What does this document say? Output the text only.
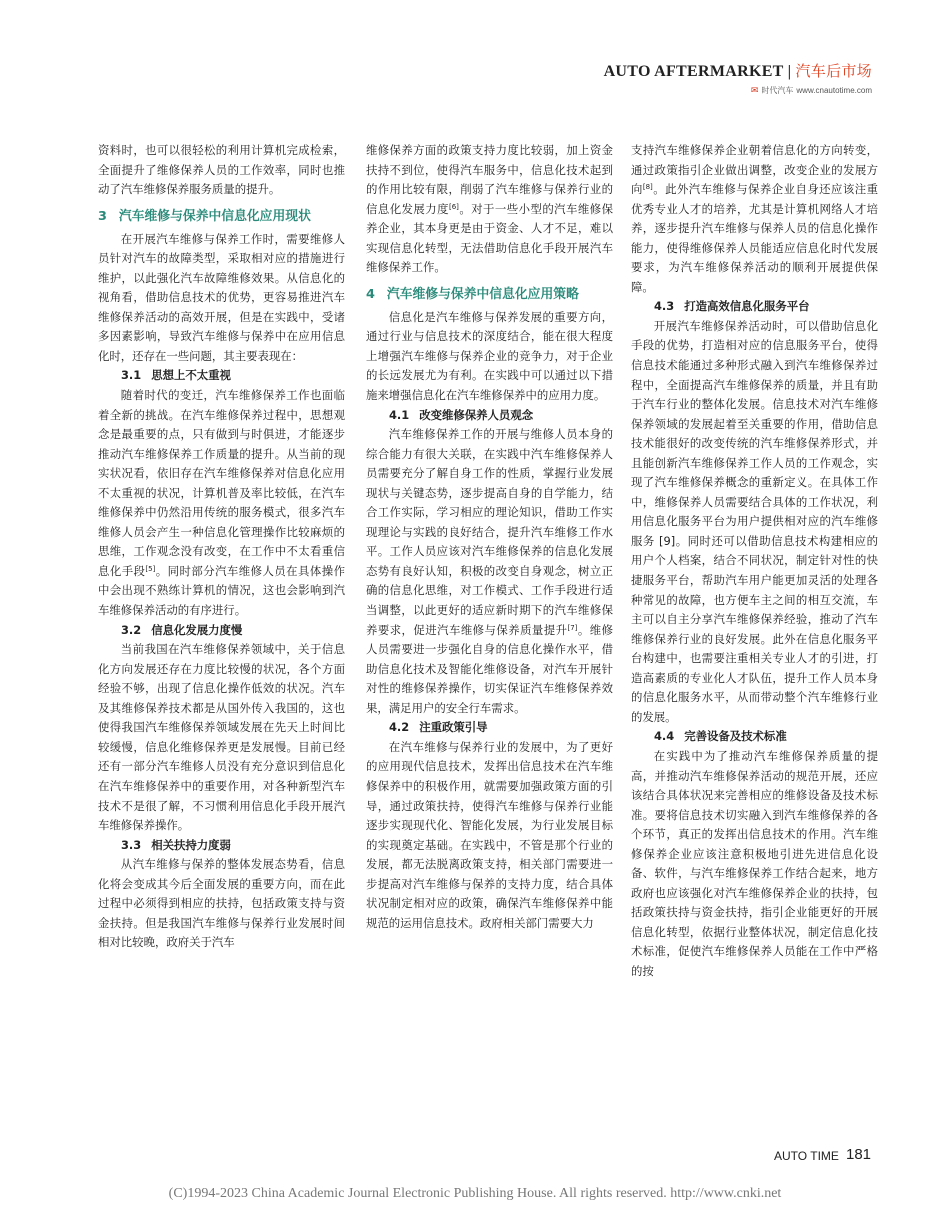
AUTO AFTERMARKET | 汽车后市场
✉ 时代汽车 www.cnautotime.com

资料时，也可以很轻松的利用计算机完成检索，全面提升了维修保养人员的工作效率，同时也推动了汽车维修保养服务质量的提升。

3 汽车维修与保养中信息化应用现状

在开展汽车维修与保养工作时，需要维修人员针对汽车的故障类型，采取相对应的措施进行维护，以此强化汽车故障维修效果。从信息化的视角看，借助信息技术的优势，更容易推进汽车维修保养活动的高效开展，但是在实践中，受诸多因素影响，导致汽车维修与保养中在应用信息化时，还存在一些问题，其主要表现在：

3.1 思想上不太重视

随着时代的变迁，汽车维修保养工作也面临着全新的挑战。在汽车维修保养过程中，思想观念是最重要的点，只有做到与时俱进，才能逐步推动汽车维修保养工作质量的提升。从当前的现实状况看，依旧存在汽车维修保养对信息化应用不太重视的状况，计算机普及率比较低，在汽车维修保养中仍然沿用传统的服务模式，很多汽车维修人员会产生一种信息化管理操作比较麻烦的思维，工作观念没有改变，在工作中不太看重信息化手段[5]。同时部分汽车维修人员在具体操作中会出现不熟练计算机的情况，这也会影响到汽车维修保养活动的有序进行。

3.2 信息化发展力度慢

当前我国在汽车维修保养领域中，关于信息化方向发展还存在力度比较慢的状况，各个方面经验不够，出现了信息化操作低效的状况。汽车及其维修保养技术都是从国外传入我国的，这也使得我国汽车维修保养领域发展在先天上时间比较缓慢，信息化维修保养更是发展慢。目前已经还有一部分汽车维修人员没有充分意识到信息化在汽车维修保养中的重要作用，对各种新型汽车技术不是很了解，不习惯利用信息化手段开展汽车维修保养操作。

3.3 相关扶持力度弱

从汽车维修与保养的整体发展态势看，信息化将会变成其今后全面发展的重要方向，而在此过程中必须得到相应的扶持，包括政策支持与资金扶持。但是我国汽车维修与保养行业发展时间相对比较晚，政府关于汽车

维修保养方面的政策支持力度比较弱，加上资金扶持不到位，使得汽车服务中，信息化技术起到的作用比较有限，削弱了汽车维修与保养行业的信息化发展力度[6]。对于一些小型的汽车维修保养企业，其本身更是由于资金、人才不足，难以实现信息化转型，无法借助信息化手段开展汽车维修保养工作。

4 汽车维修与保养中信息化应用策略

信息化是汽车维修与保养发展的重要方向，通过行业与信息技术的深度结合，能在很大程度上增强汽车维修与保养企业的竞争力，对于企业的长远发展尤为有利。在实践中可以通过以下措施来增强信息化在汽车维修保养中的应用力度。

4.1 改变维修保养人员观念

汽车维修保养工作的开展与维修人员本身的综合能力有很大关联，在实践中汽车维修保养人员需要充分了解自身工作的性质，掌握行业发展现状与关键态势，逐步提高自身的自学能力，结合工作实际，学习相应的理论知识，借助工作实现理论与实践的良好结合，提升汽车维修工作水平。工作人员应该对汽车维修保养的信息化发展态势有良好认知，积极的改变自身观念，树立正确的信息化思维，对工作模式、工作手段进行适当调整，以此更好的适应新时期下的汽车维修保养要求，促进汽车维修与保养质量提升[7]。维修人员需要进一步强化自身的信息化操作水平，借助信息化技术及智能化维修设备，对汽车开展针对性的维修保养操作，切实保证汽车维修保养效果，满足用户的安全行车需求。

4.2 注重政策引导

在汽车维修与保养行业的发展中，为了更好的应用现代信息技术，发挥出信息技术在汽车维修保养中的积极作用，就需要加强政策方面的引导，通过政策扶持，使得汽车维修与保养行业能逐步实现现代化、智能化发展，为行业发展目标的实现奠定基础。在实践中，不管是那个行业的发展，都无法脱离政策支持，相关部门需要进一步提高对汽车维修与保养的支持力度，结合具体状况制定相对应的政策，确保汽车维修保养中能规范的运用信息技术。政府相关部门需要大力

支持汽车维修保养企业朝着信息化的方向转变，通过政策指引企业做出调整，改变企业的发展方向[8]。此外汽车维修与保养企业自身还应该注重优秀专业人才的培养，尤其是计算机网络人才培养，逐步提升汽车维修与保养人员的信息化操作能力，使得维修保养人员能适应信息化时代发展要求，为汽车维修保养活动的顺利开展提供保障。

4.3 打造高效信息化服务平台

开展汽车维修保养活动时，可以借助信息化手段的优势，打造相对应的信息服务平台，使得信息技术能通过多种形式融入到汽车维修保养过程中，全面提高汽车维修保养的质量，并且有助于汽车行业的整体化发展。信息技术对汽车维修保养领域的发展起着至关重要的作用，借助信息技术能很好的改变传统的汽车维修保养形式，并且能创新汽车维修保养工作人员的工作观念，实现了汽车维修保养概念的重新定义。在具体工作中，维修保养人员需要结合具体的工作状况，利用信息化服务平台为用户提供相对应的汽车维修服务 [9]。同时还可以借助信息技术构建相应的用户个人档案，结合不同状况，制定针对性的快捷服务平台，帮助汽车用户能更加灵活的处理各种常见的故障，也方便车主之间的相互交流，车主可以自主分享汽车维修保养经验，推动了汽车维修保养行业的良好发展。此外在信息化服务平台构建中，也需要注重相关专业人才的引进，打造高素质的专业化人才队伍，提升工作人员本身的信息化服务水平，从而带动整个汽车维修行业的发展。

4.4 完善设备及技术标准

在实践中为了推动汽车维修保养质量的提高，并推动汽车维修保养活动的规范开展，还应该结合具体状况来完善相应的维修设备及技术标准。要将信息技术切实融入到汽车维修保养的各个环节，真正的发挥出信息技术的作用。汽车维修保养企业应该注意积极地引进先进信息化设备、软件，与汽车维修保养工作结合起来，地方政府也应该强化对汽车维修保养企业的扶持，包括政策扶持与资金扶持，指引企业能更好的开展信息化转型，依据行业整体状况，制定信息化技术标准，促使汽车维修保养人员能在工作中严格的按

AUTO TIME 181
(C)1994-2023 China Academic Journal Electronic Publishing House. All rights reserved. http://www.cnki.net
